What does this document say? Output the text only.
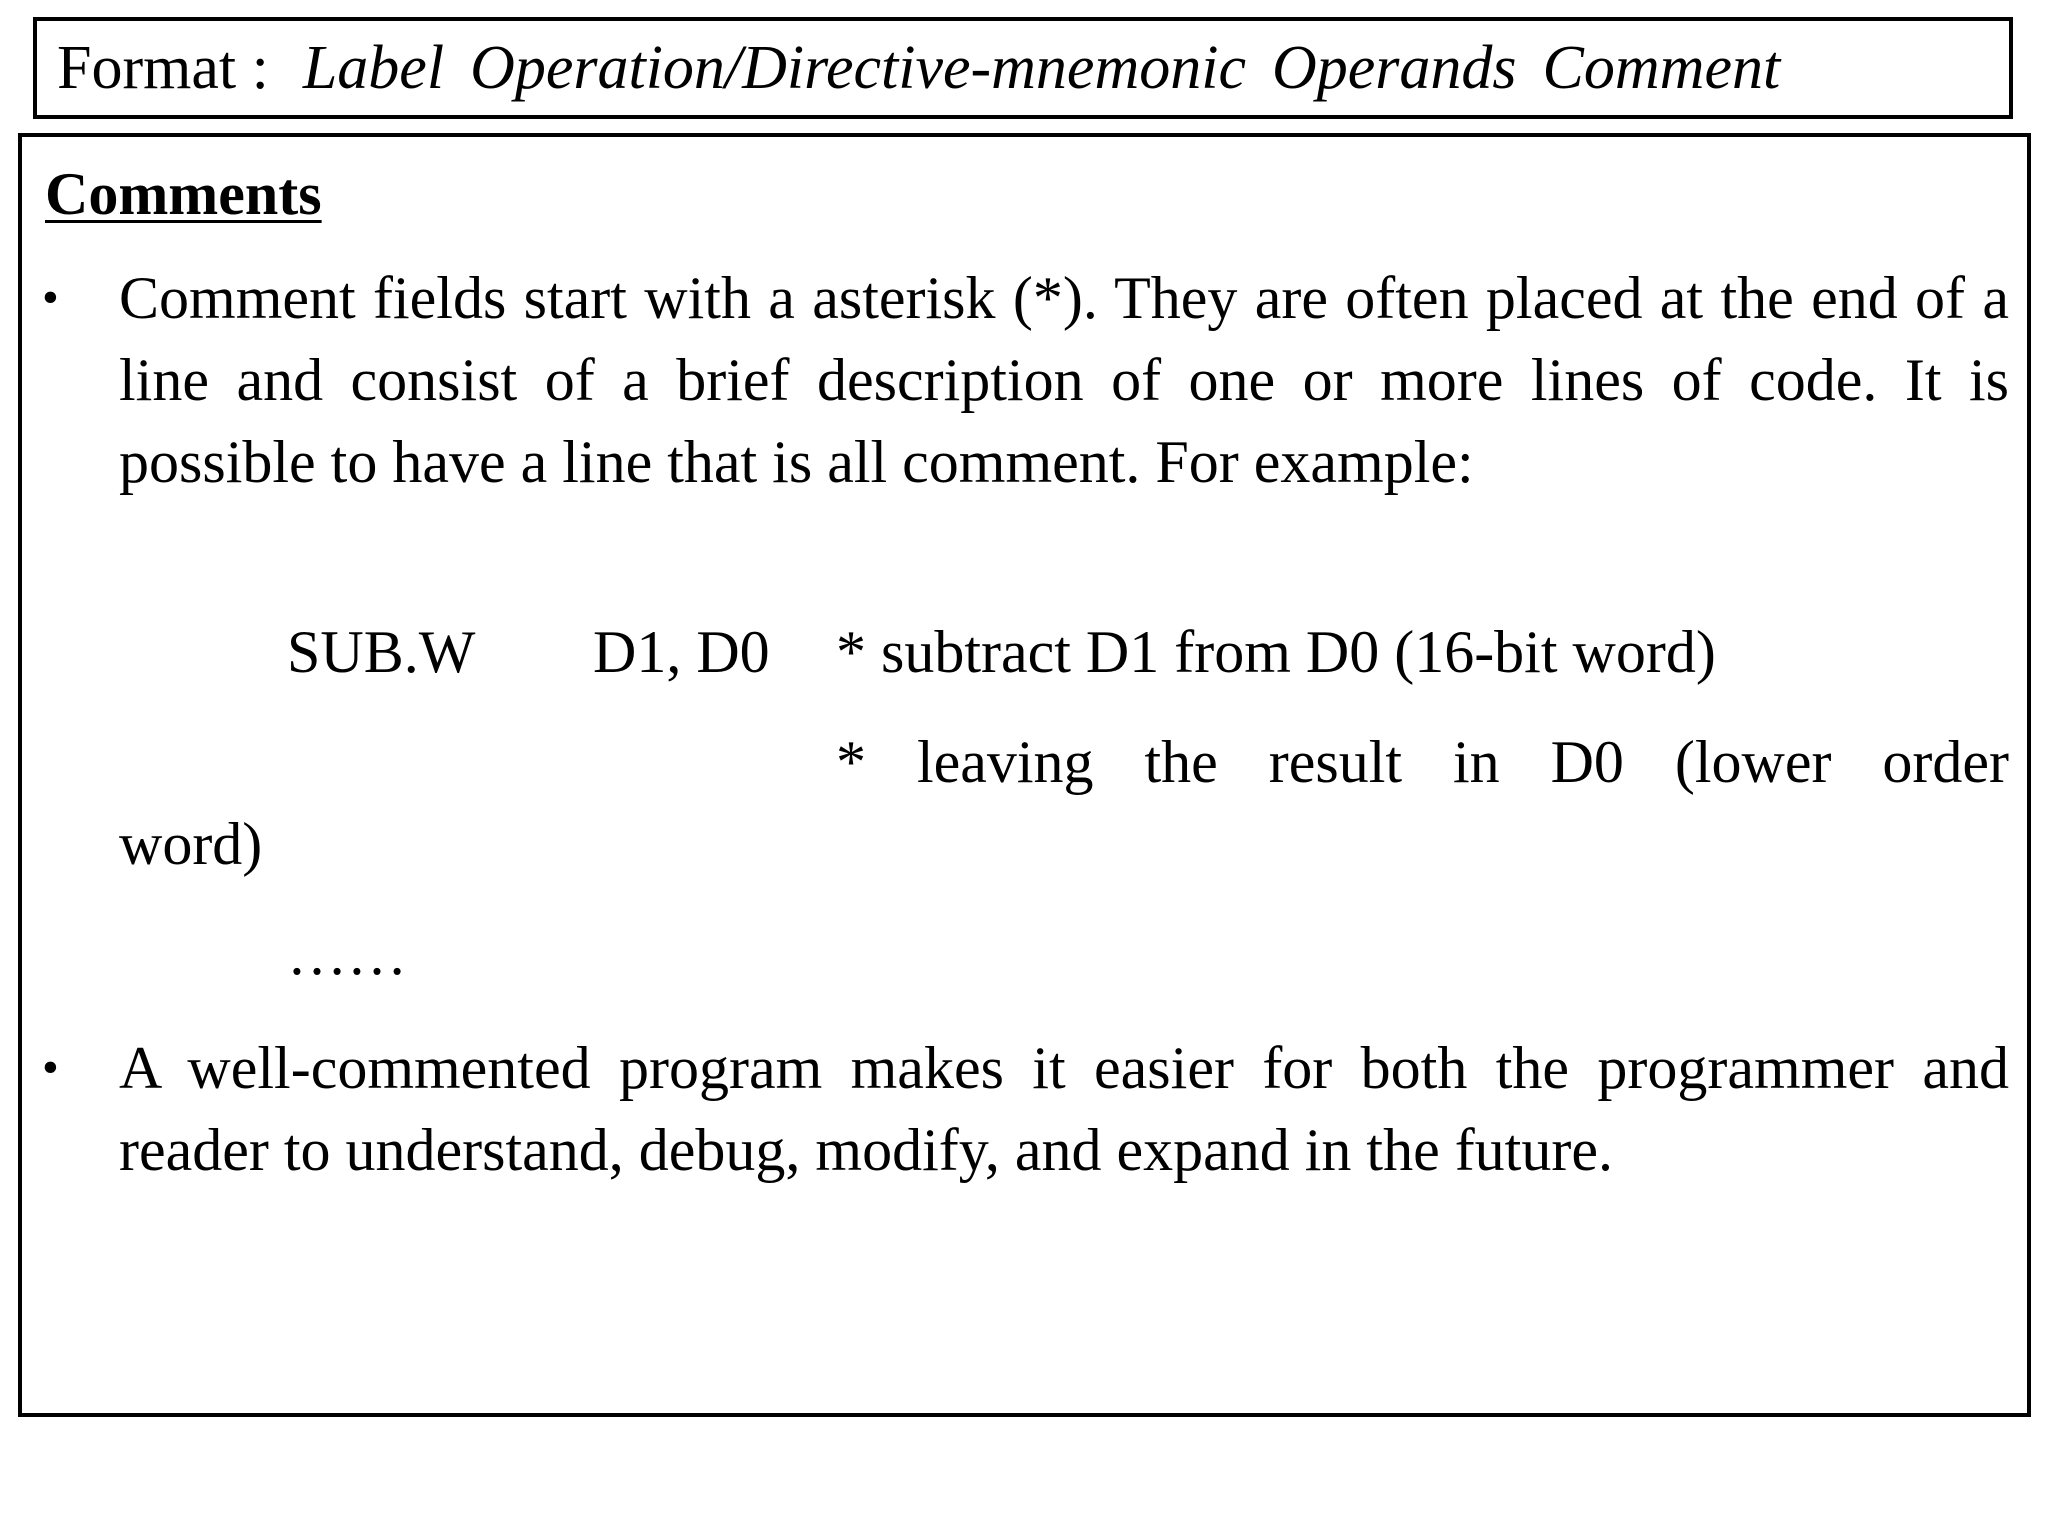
Format : Label Operation/Directive-mnemonic Operands Comment
Comments
• Comment fields start with a asterisk (*). They are often placed at the end of a line and consist of a brief description of one or more lines of code. It is possible to have a line that is all comment. For example:

SUB.W D1, D0 * subtract D1 from D0 (16-bit word)

* leaving the result in D0 (lower order

word)

……
• A well-commented program makes it easier for both the programmer and reader to understand, debug, modify, and expand in the future.
